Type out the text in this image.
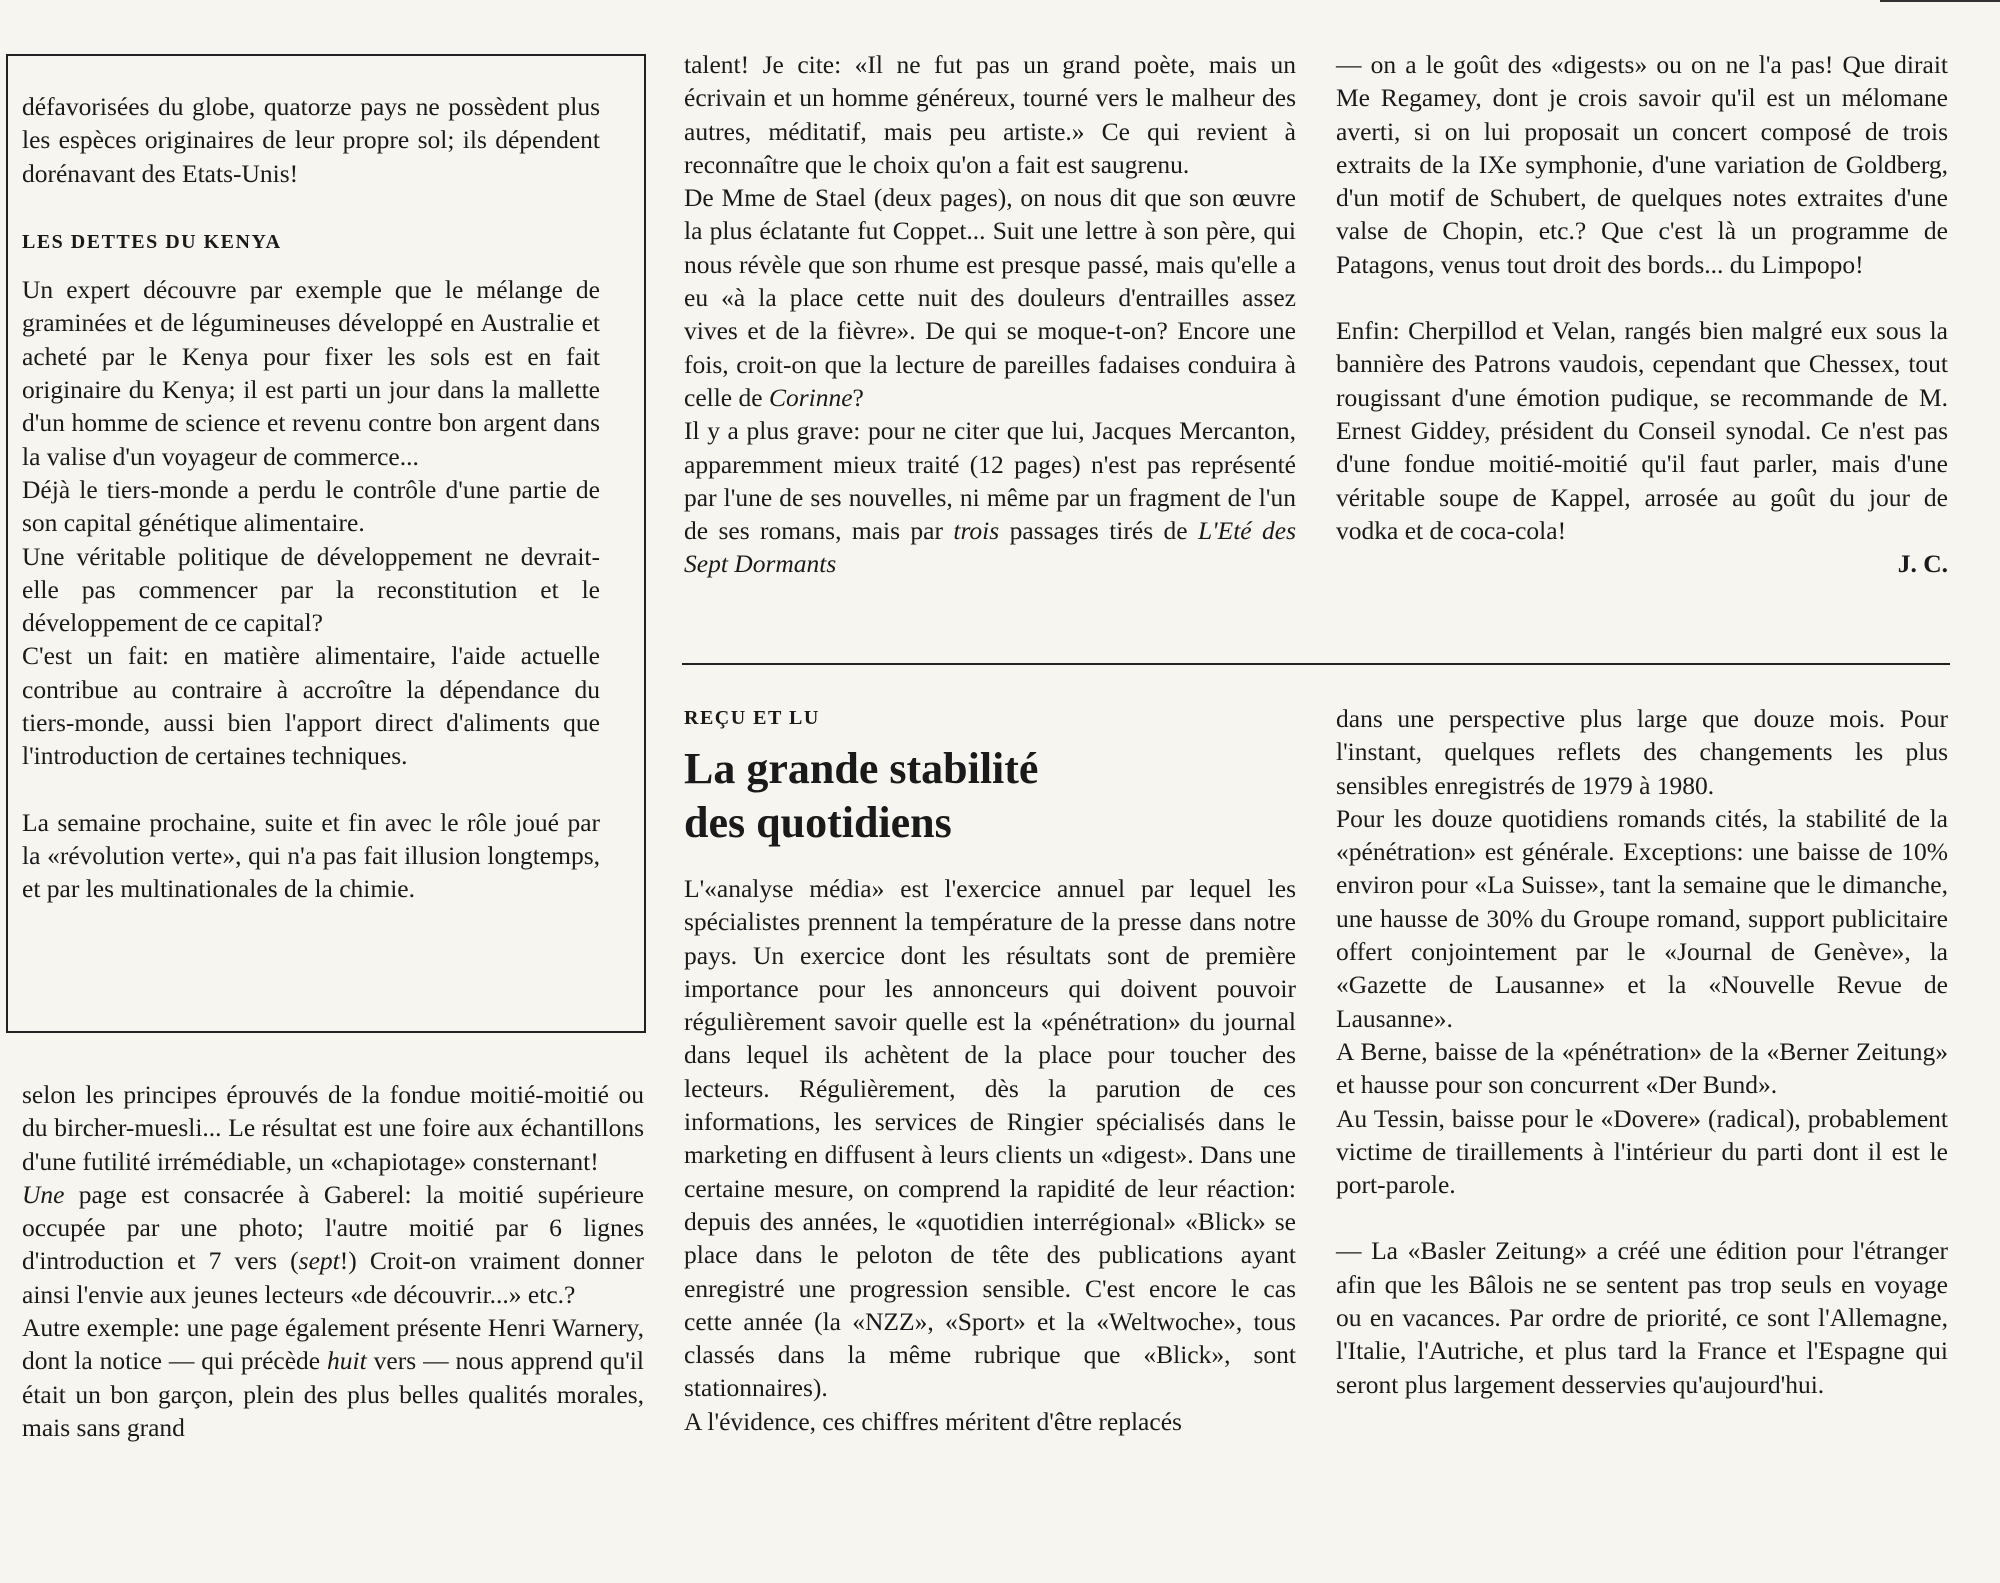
défavorisées du globe, quatorze pays ne possèdent plus les espèces originaires de leur propre sol; ils dépendent dorénavant des Etats-Unis!

LES DETTES DU KENYA

Un expert découvre par exemple que le mélange de graminées et de légumineuses développé en Australie et acheté par le Kenya pour fixer les sols est en fait originaire du Kenya; il est parti un jour dans la mallette d'un homme de science et revenu contre bon argent dans la valise d'un voyageur de commerce...

Déjà le tiers-monde a perdu le contrôle d'une partie de son capital génétique alimentaire.

Une véritable politique de développement ne devrait-elle pas commencer par la reconstitution et le développement de ce capital?

C'est un fait: en matière alimentaire, l'aide actuelle contribue au contraire à accroître la dépendance du tiers-monde, aussi bien l'apport direct d'aliments que l'introduction de certaines techniques.

La semaine prochaine, suite et fin avec le rôle joué par la «révolution verte», qui n'a pas fait illusion longtemps, et par les multinationales de la chimie.

selon les principes éprouvés de la fondue moitié-moitié ou du bircher-muesli... Le résultat est une foire aux échantillons d'une futilité irrémédiable, un «chapiotage» consternant!

Une page est consacrée à Gaberel: la moitié supérieure occupée par une photo; l'autre moitié par 6 lignes d'introduction et 7 vers (sept!) Croit-on vraiment donner ainsi l'envie aux jeunes lecteurs «de découvrir...» etc.?

Autre exemple: une page également présente Henri Warnery, dont la notice — qui précède huit vers — nous apprend qu'il était un bon garçon, plein des plus belles qualités morales, mais sans grand

talent! Je cite: «Il ne fut pas un grand poète, mais un écrivain et un homme généreux, tourné vers le malheur des autres, méditatif, mais peu artiste.» Ce qui revient à reconnaître que le choix qu'on a fait est saugrenu.

De Mme de Stael (deux pages), on nous dit que son œuvre la plus éclatante fut Coppet... Suit une lettre à son père, qui nous révèle que son rhume est presque passé, mais qu'elle a eu «à la place cette nuit des douleurs d'entrailles assez vives et de la fièvre». De qui se moque-t-on? Encore une fois, croit-on que la lecture de pareilles fadaises conduira à celle de Corinne?

Il y a plus grave: pour ne citer que lui, Jacques Mercanton, apparemment mieux traité (12 pages) n'est pas représenté par l'une de ses nouvelles, ni même par un fragment de l'un de ses romans, mais par trois passages tirés de L'Eté des Sept Dormants

— on a le goût des «digests» ou on ne l'a pas! Que dirait Me Regamey, dont je crois savoir qu'il est un mélomane averti, si on lui proposait un concert composé de trois extraits de la IXe symphonie, d'une variation de Goldberg, d'un motif de Schubert, de quelques notes extraites d'une valse de Chopin, etc.? Que c'est là un programme de Patagons, venus tout droit des bords... du Limpopo!

Enfin: Cherpillod et Velan, rangés bien malgré eux sous la bannière des Patrons vaudois, cependant que Chessex, tout rougissant d'une émotion pudique, se recommande de M. Ernest Giddey, président du Conseil synodal. Ce n'est pas d'une fondue moitié-moitié qu'il faut parler, mais d'une véritable soupe de Kappel, arrosée au goût du jour de vodka et de coca-cola!

J. C.

REÇU ET LU

La grande stabilité

des quotidiens

L'«analyse média» est l'exercice annuel par lequel les spécialistes prennent la température de la presse dans notre pays. Un exercice dont les résultats sont de première importance pour les annonceurs qui doivent pouvoir régulièrement savoir quelle est la «pénétration» du journal dans lequel ils achètent de la place pour toucher des lecteurs. Régulièrement, dès la parution de ces informations, les services de Ringier spécialisés dans le marketing en diffusent à leurs clients un «digest». Dans une certaine mesure, on comprend la rapidité de leur réaction: depuis des années, le «quotidien interrégional» «Blick» se place dans le peloton de tête des publications ayant enregistré une progression sensible. C'est encore le cas cette année (la «NZZ», «Sport» et la «Weltwoche», tous classés dans la même rubrique que «Blick», sont stationnaires).

A l'évidence, ces chiffres méritent d'être replacés

dans une perspective plus large que douze mois. Pour l'instant, quelques reflets des changements les plus sensibles enregistrés de 1979 à 1980.

Pour les douze quotidiens romands cités, la stabilité de la «pénétration» est générale. Exceptions: une baisse de 10% environ pour «La Suisse», tant la semaine que le dimanche, une hausse de 30% du Groupe romand, support publicitaire offert conjointement par le «Journal de Genève», la «Gazette de Lausanne» et la «Nouvelle Revue de Lausanne».

A Berne, baisse de la «pénétration» de la «Berner Zeitung» et hausse pour son concurrent «Der Bund».

Au Tessin, baisse pour le «Dovere» (radical), probablement victime de tiraillements à l'intérieur du parti dont il est le port-parole.

— La «Basler Zeitung» a créé une édition pour l'étranger afin que les Bâlois ne se sentent pas trop seuls en voyage ou en vacances. Par ordre de priorité, ce sont l'Allemagne, l'Italie, l'Autriche, et plus tard la France et l'Espagne qui seront plus largement desservies qu'aujourd'hui.
